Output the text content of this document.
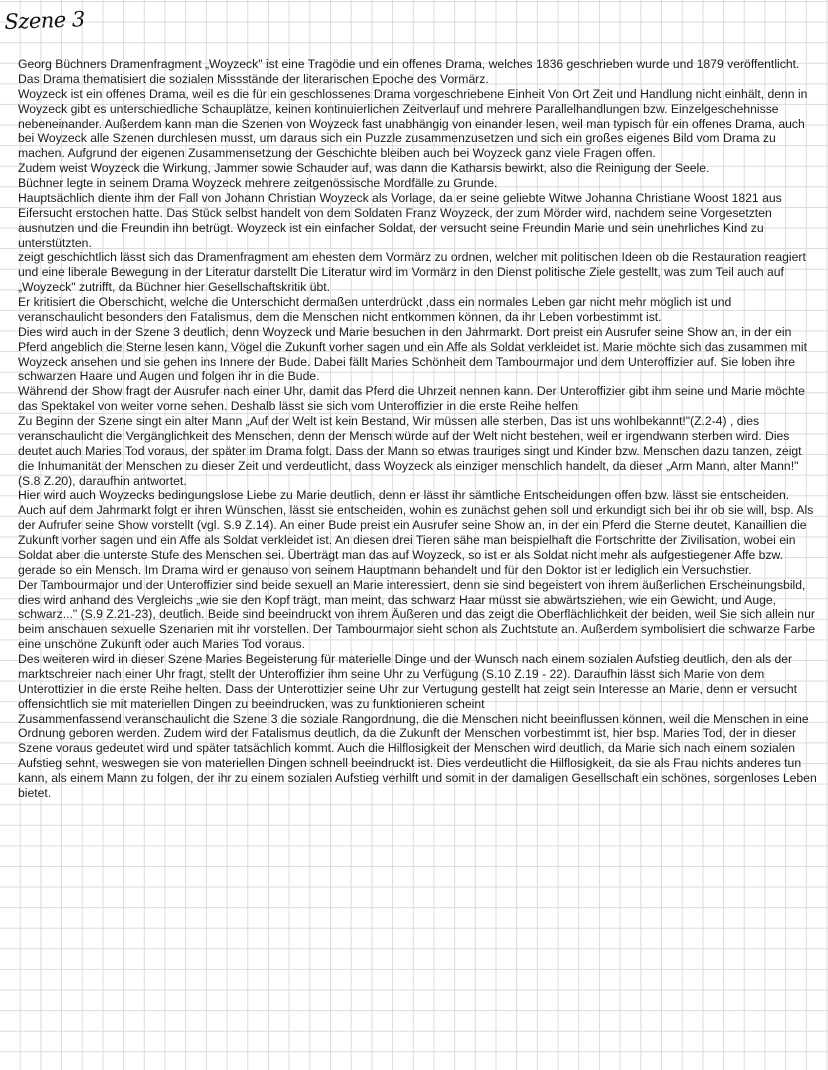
Szene 3

Georg Büchners Dramenfragment „Woyzeck" ist eine Tragödie und ein offenes Drama, welches 1836 geschrieben wurde und 1879 veröffentlicht. Das Drama thematisiert die sozialen Missstände der literarischen Epoche des Vormärz.

Woyzeck ist ein offenes Drama, weil es die für ein geschlossenes Drama vorgeschriebene Einheit Von Ort Zeit und Handlung nicht einhält, denn in Woyzeck gibt es unterschiedliche Schauplätze, keinen kontinuierlichen Zeitverlauf und mehrere Parallelhandlungen bzw. Einzelgeschehnisse nebeneinander. Außerdem kann man die Szenen von Woyzeck fast unabhängig von einander lesen, weil man typisch für ein offenes Drama, auch bei Woyzeck alle Szenen durchlesen musst, um daraus sich ein Puzzle zusammenzusetzen und sich ein großes eigenes Bild vom Drama zu machen. Aufgrund der eigenen Zusammensetzung der Geschichte bleiben auch bei Woyzeck ganz viele Fragen offen.

Zudem weist Woyzeck die Wirkung, Jammer sowie Schauder auf, was dann die Katharsis bewirkt, also die Reinigung der Seele.

Büchner legte in seinem Drama Woyzeck mehrere zeitgenössische Mordfälle zu Grunde.

Hauptsächlich diente ihm der Fall von Johann Christian Woyzeck als Vorlage, da er seine geliebte Witwe Johanna Christiane Woost 1821 aus Eifersucht erstochen hatte. Das Stück selbst handelt von dem Soldaten Franz Woyzeck, der zum Mörder wird, nachdem seine Vorgesetzten ausnutzen und die Freundin ihn betrügt. Woyzeck ist ein einfacher Soldat, der versucht seine Freundin Marie und sein unehrliches Kind zu unterstützten.

zeigt geschichtlich lässt sich das Dramenfragment am ehesten dem Vormärz zu ordnen, welcher mit politischen Ideen ob die Restauration reagiert und eine liberale Bewegung in der Literatur darstellt Die Literatur wird im Vormärz in den Dienst politische Ziele gestellt, was zum Teil auch auf

„Woyzeck" zutrifft, da Büchner hier Gesellschaftskritik übt.

Er kritisiert die Oberschicht, welche die Unterschicht dermaßen unterdrückt ,dass ein normales Leben gar nicht mehr möglich ist und veranschaulicht besonders den Fatalismus, dem die Menschen nicht entkommen können, da ihr Leben vorbestimmt ist.

Dies wird auch in der Szene 3 deutlich, denn Woyzeck und Marie besuchen in den Jahrmarkt. Dort preist ein Ausrufer seine Show an, in der ein Pferd angeblich die Sterne lesen kann, Vögel die Zukunft vorher sagen und ein Affe als Soldat verkleidet ist. Marie möchte sich das zusammen mit Woyzeck ansehen und sie gehen ins Innere der Bude. Dabei fällt Maries Schönheit dem Tambourmajor und dem Unteroffizier auf. Sie loben ihre schwarzen Haare und Augen und folgen ihr in die Bude.

Während der Show fragt der Ausrufer nach einer Uhr, damit das Pferd die Uhrzeit nennen kann. Der Unteroffizier gibt ihm seine und Marie möchte das Spektakel von weiter vorne sehen. Deshalb lässt sie sich vom Unteroffizier in die erste Reihe helfen

Zu Beginn der Szene singt ein alter Mann „Auf der Welt ist kein Bestand, Wir müssen alle sterben, Das ist uns wohlbekannt!"(Z.2-4) , dies veranschaulicht die Vergänglichkeit des Menschen, denn der Mensch würde auf der Welt nicht bestehen, weil er irgendwann sterben wird. Dies deutet auch Maries Tod voraus, der später im Drama folgt. Dass der Mann so etwas trauriges singt und Kinder bzw. Menschen dazu tanzen, zeigt die Inhumanität der Menschen zu dieser Zeit und verdeutlicht, dass Woyzeck als einziger menschlich handelt, da dieser „Arm Mann, alter Mann!"(S.8 Z.20), daraufhin antwortet.

Hier wird auch Woyzecks bedingungslose Liebe zu Marie deutlich, denn er lässt ihr sämtliche Entscheidungen offen bzw. lässt sie entscheiden. Auch auf dem Jahrmarkt folgt er ihren Wünschen, lässt sie entscheiden, wohin es zunächst gehen soll und erkundigt sich bei ihr ob sie will, bsp. Als der Aufrufer seine Show vorstellt (vgl. S.9 Z.14). An einer Bude preist ein Ausrufer seine Show an, in der ein Pferd die Sterne deutet, Kanaillien die Zukunft vorher sagen und ein Affe als Soldat verkleidet ist. An diesen drei Tieren sähe man beispielhaft die Fortschritte der Zivilisation, wobei ein Soldat aber die unterste Stufe des Menschen sei. Überträgt man das auf Woyzeck, so ist er als Soldat nicht mehr als aufgestiegener Affe bzw. gerade so ein Mensch. Im Drama wird er genauso von seinem Hauptmann behandelt und für den Doktor ist er lediglich ein Versuchstier.

Der Tambourmajor und der Unteroffizier sind beide sexuell an Marie interessiert, denn sie sind begeistert von ihrem äußerlichen Erscheinungsbild, dies wird anhand des Vergleichs „wie sie den Kopf trägt, man meint, das schwarz Haar müsst sie abwärtsziehen, wie ein Gewicht, und Auge, schwarz..." (S.9 Z.21-23), deutlich. Beide sind beeindruckt von ihrem Äußeren und das zeigt die Oberflächlichkeit der beiden, weil Sie sich allein nur beim anschauen sexuelle Szenarien mit ihr vorstellen. Der Tambourmajor sieht schon als Zuchtstute an. Außerdem symbolisiert die schwarze Farbe eine unschöne Zukunft oder auch Maries Tod voraus.

Des weiteren wird in dieser Szene Maries Begeisterung für materielle Dinge und der Wunsch nach einem sozialen Aufstieg deutlich, den als der marktschreier nach einer Uhr fragt, stellt der Unteroffizier ihm seine Uhr zu Verfügung (S.10 Z.19 - 22). Daraufhin lässt sich Marie von dem Unterottizier in die erste Reihe helten. Dass der Unterottizier seine Uhr zur Vertugung gestellt hat zeigt sein Interesse an Marie, denn er versucht offensichtlich sie mit materiellen Dingen zu beeindrucken, was zu funktionieren scheint

Zusammenfassend veranschaulicht die Szene 3 die soziale Rangordnung, die die Menschen nicht beeinflussen können, weil die Menschen in eine Ordnung geboren werden. Zudem wird der Fatalismus deutlich, da die Zukunft der Menschen vorbestimmt ist, hier bsp. Maries Tod, der in dieser Szene voraus gedeutet wird und später tatsächlich kommt. Auch die Hilflosigkeit der Menschen wird deutlich, da Marie sich nach einem sozialen Aufstieg sehnt, weswegen sie von materiellen Dingen schnell beeindruckt ist. Dies verdeutlicht die Hilflosigkeit, da sie als Frau nichts anderes tun kann, als einem Mann zu folgen, der ihr zu einem sozialen Aufstieg verhilft und somit in der damaligen Gesellschaft ein schönes, sorgenloses Leben bietet.
